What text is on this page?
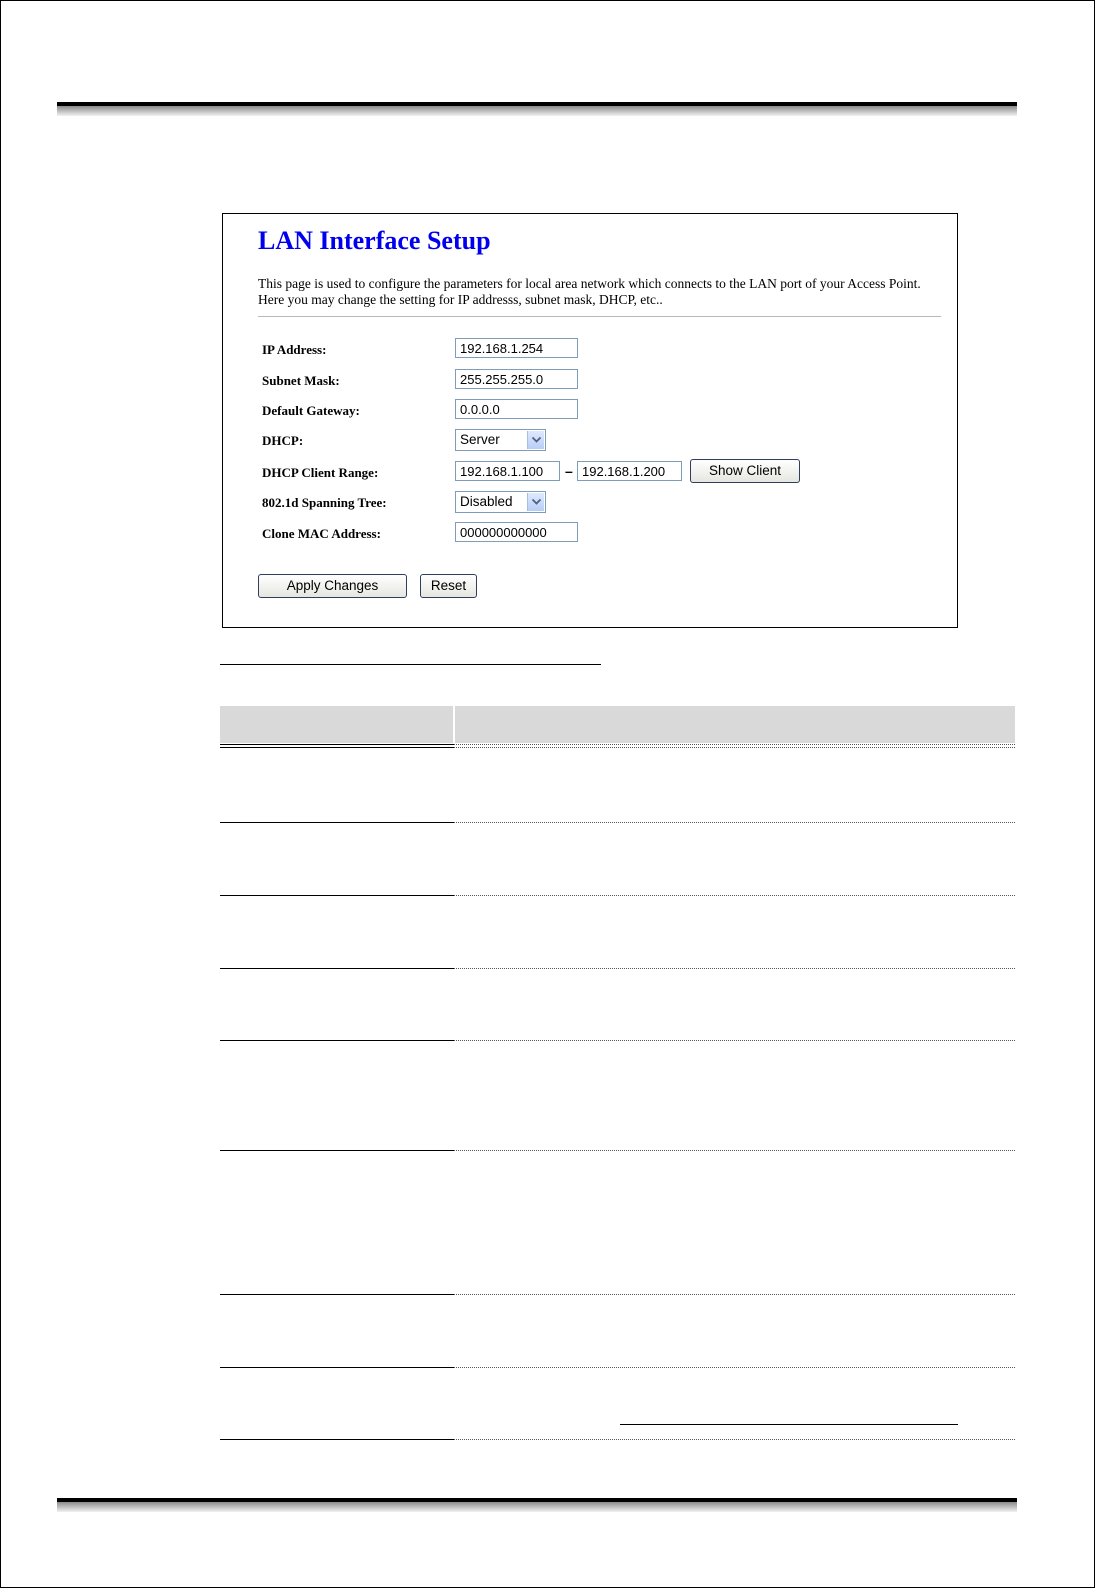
LAN Interface Setup

This page is used to configure the parameters for local area network which connects to the LAN port of your Access Point. Here you may change the setting for IP addresss, subnet mask, DHCP, etc..

IP Address:	192.168.1.254
Subnet Mask:	255.255.255.0
Default Gateway:	0.0.0.0
DHCP:	Server
DHCP Client Range:	192.168.1.100	– 192.168.1.200	Show Client
802.1d Spanning Tree:	Disabled
Clone MAC Address:	000000000000
Apply Changes	Reset
